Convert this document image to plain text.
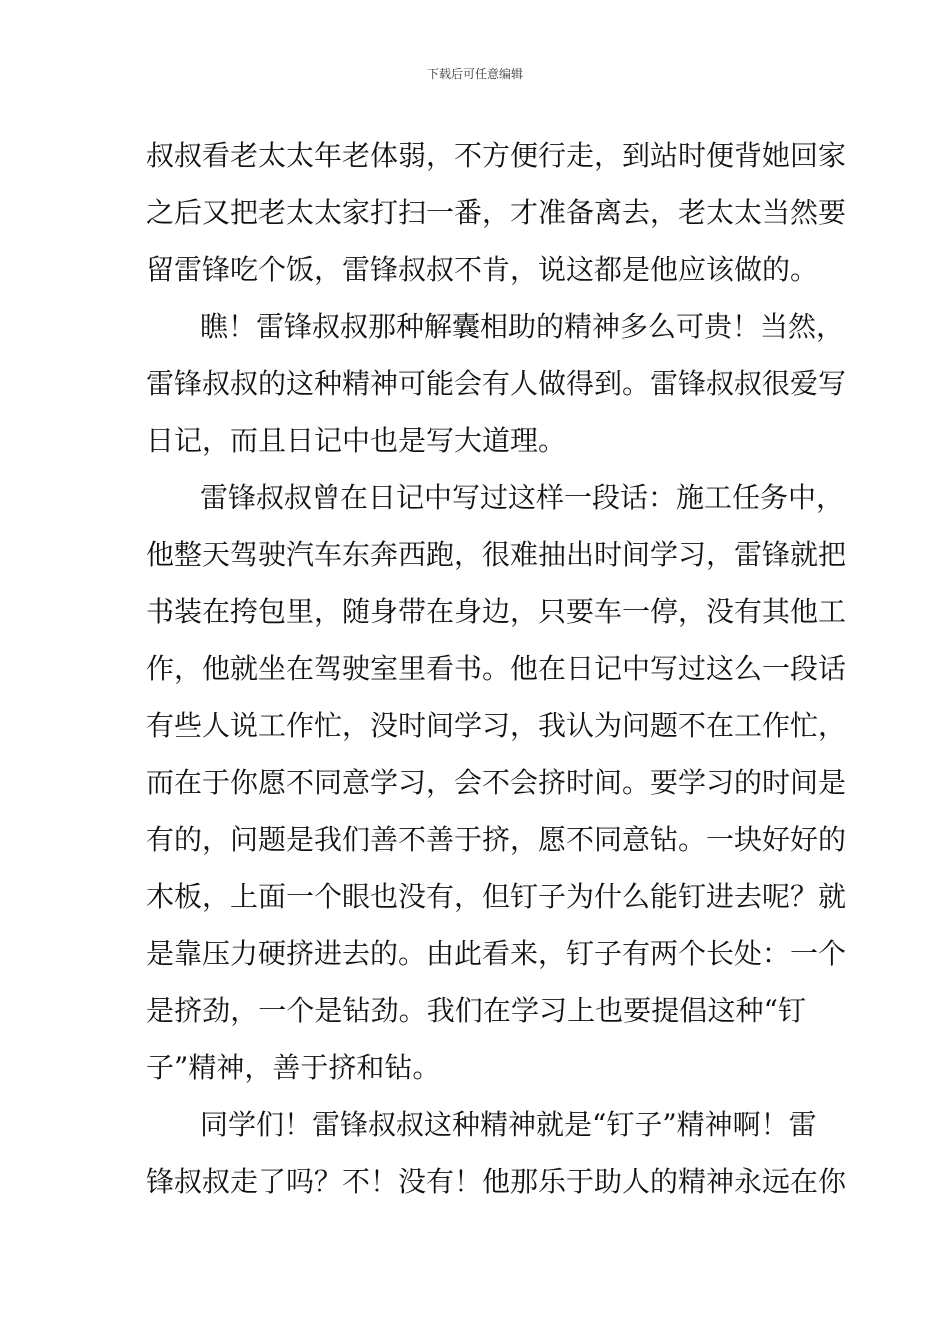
下载后可任意编辑
叔叔看老太太年老体弱，不方便行走，到站时便背她回家
之后又把老太太家打扫一番，才准备离去，老太太当然要
留雷锋吃个饭，雷锋叔叔不肯，说这都是他应该做的。
瞧！雷锋叔叔那种解囊相助的精神多么可贵！当然，
雷锋叔叔的这种精神可能会有人做得到。雷锋叔叔很爱写
日记，而且日记中也是写大道理。
雷锋叔叔曾在日记中写过这样一段话：施工任务中，
他整天驾驶汽车东奔西跑，很难抽出时间学习，雷锋就把
书装在挎包里，随身带在身边，只要车一停，没有其他工
作，他就坐在驾驶室里看书。他在日记中写过这么一段话
有些人说工作忙，没时间学习，我认为问题不在工作忙，
而在于你愿不同意学习，会不会挤时间。要学习的时间是
有的，问题是我们善不善于挤，愿不同意钻。一块好好的
木板，上面一个眼也没有，但钉子为什么能钉进去呢？就
是靠压力硬挤进去的。由此看来，钉子有两个长处：一个
是挤劲，一个是钻劲。我们在学习上也要提倡这种“钉
子”精神，善于挤和钻。
同学们！雷锋叔叔这种精神就是“钉子”精神啊！雷
锋叔叔走了吗？不！没有！他那乐于助人的精神永远在你
